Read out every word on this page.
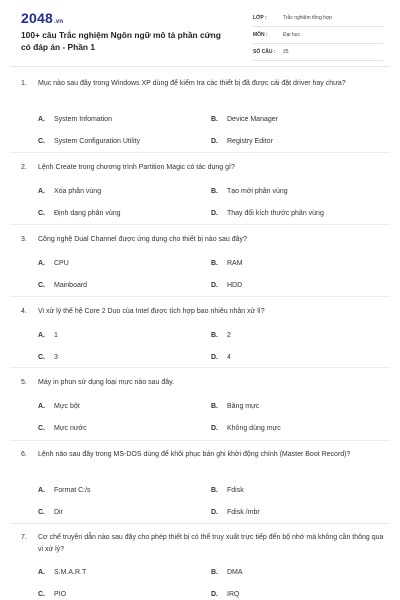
2048.vn
100+ câu Trắc nghiệm Ngôn ngữ mô tả phần cứng có đáp án - Phần 1
LỚP :	Trắc nghiệm tổng hợp
MÔN :	Đại học
SỐ CÂU : 25
1. Mục nào sau đây trong Windows XP dùng để kiểm tra các thiết bị đã được cài đặt driver hay chưa?
A. System Infomation	B. Device Manager
C. System Configuration Utility	D. Registry Editor
2. Lệnh Create trong chương trình Partition Magic có tác dụng gì?
A. Xóa phân vùng	B. Tạo mới phân vùng
C. Định dạng phân vùng	D. Thay đổi kích thước phân vùng
3. Công nghệ Dual Channel được ứng dụng cho thiết bị nào sau đây?
A. CPU	B. RAM
C. Mainboard	D. HDD
4. Vi xử lý thế hệ Core 2 Duo của Intel được tích hợp bao nhiêu nhân xử lí?
A. 1	B. 2
C. 3	D. 4
5. Máy in phun sử dụng loại mực nào sau đây.
A. Mực bột	B. Băng mực
C. Mực nước	D. Không dùng mực
6. Lệnh nào sau đây trong MS-DOS dùng để khôi phục bản ghi khởi động chính (Master Boot Record)?
A. Format C:/s	B. Fdisk
C. Dir	D. Fdisk /mbr
7. Cơ chế truyền dẫn nào sau đây cho phép thiết bị có thể truy xuất trực tiếp đến bộ nhớ mà không cần thông qua vi xử lý?
A. S.M.A.R.T	B. DMA
C. PIO	D. IRQ
